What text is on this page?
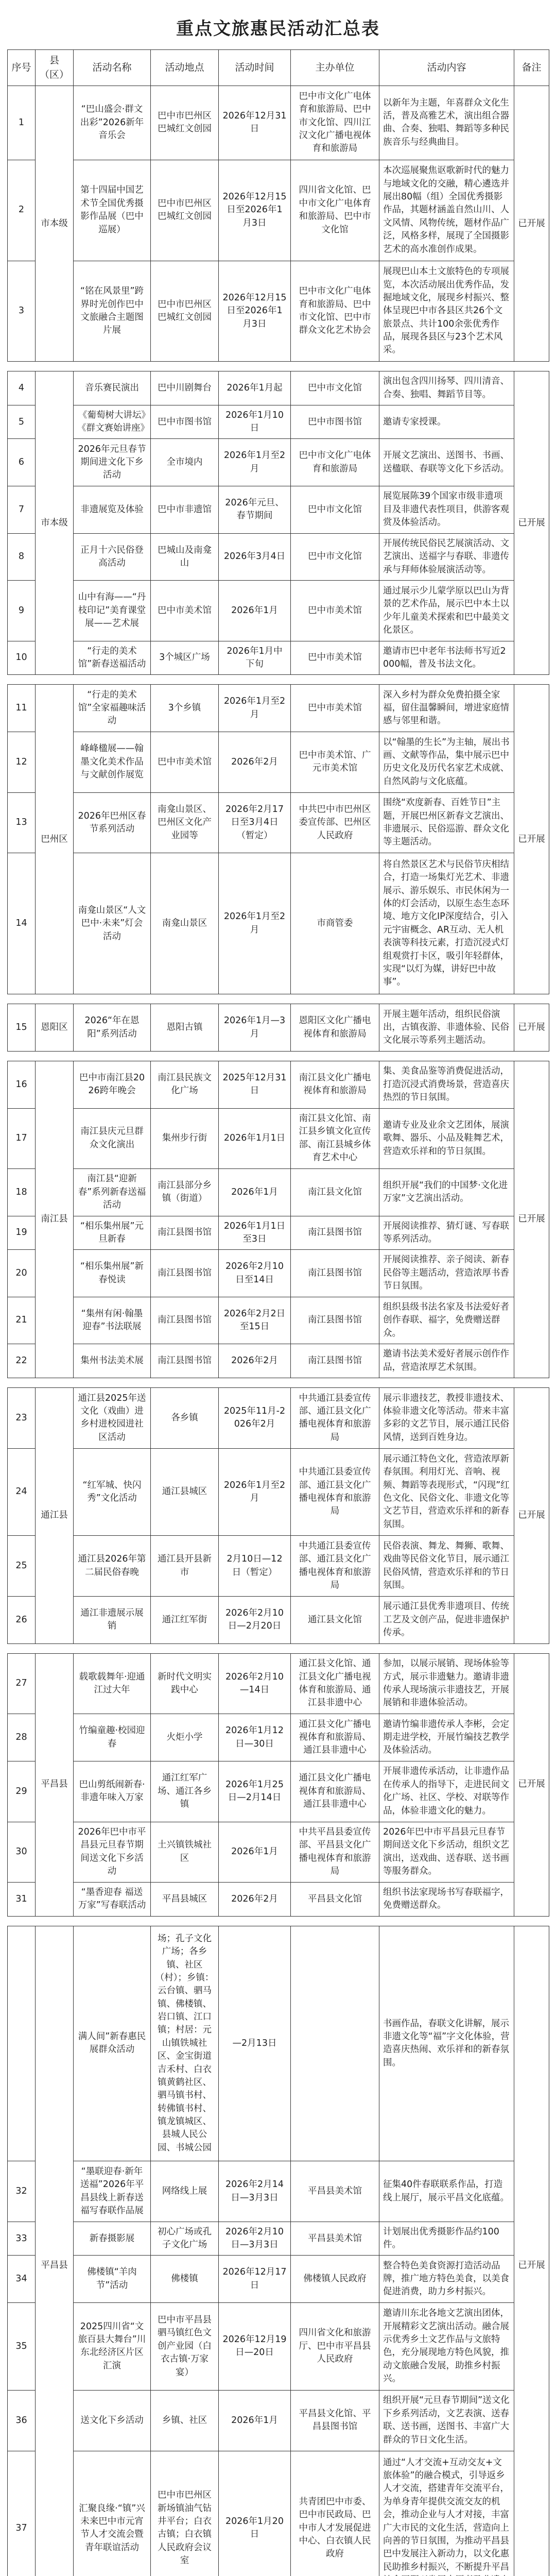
重点文旅惠民活动汇总表
序号	县（区）	活动名称	活动地点	活动时间	主办单位	活动内容	备注
1	市本级	“巴山盛会·群文出彩”2026新年音乐会	巴中市巴州区巴城红文创园	2026年12月31日	巴中市文化广电体育和旅游局、巴中市文化馆、四川江汉文化广播电视体育和旅游局	以新年为主题，年喜群众文化生活，普及高雅艺术，演出组合器曲、合奏、独唱、舞蹈等多种民族音乐与经典曲目。	已开展
2		第十四届中国艺术节全国优秀摄影作品展（巴中巡展）	巴中市巴州区巴城红文创园	2026年12月15日至2026年1月3日	四川省文化馆、巴中市文化广电体育和旅游局、巴中市文化馆	本次巡展聚焦讴歌新时代的魅力与地域文化的交融，精心遴选并展出80幅（组）全国优秀摄影作品，其题材涵盖自然山川、人文风情、风物传统，题材作品广泛，风格多样，展现了全国摄影艺术的高水准创作成果。	
3		“铭在风景里”跨界时光创作巴中文旅融合主题图片展	巴中市巴州区巴城红文创园	2026年12月15日至2026年1月3日	巴中市文化广电体育和旅游局、巴中市文化馆、巴中市群众文化艺术协会	展现巴山本土文旅特色的专项展览，本次活动展出优秀作品，发掘地域文化，展现乡村振兴、整体呈现巴中市各县区共26个文旅景点、共计100余张优秀作品，展现各县区与23个艺术风采。	

4	市本级	音乐赛民演出	巴中川剧舞台	2026年1月起	巴中市文化馆	演出包含四川扬琴、四川清音、合奏、独唱、舞蹈节目等。	已开展
5		《葡萄树大讲坛》《群文赛始讲座》	巴中市图书馆	2026年1月10日	巴中市图书馆	邀请专家授课。	
6		2026年元旦春节期间进文化下乡活动	全市境内	2026年1月至2月	巴中市文化广电体育和旅游局	开展文艺演出、送图书、书画、送楹联、春联等文化下乡活动。	
7		非遗展览及体验	巴中市非遗馆	2026年元旦、春节期间	巴中市文化馆	展览展陈39个国家市级非遗项目及非遗代表性项目，供游客观赏及体验活动。	
8		正月十六民俗登高活动	巴城山及南龛山	2026年3月4日	巴中市文化馆	开展传统民俗民艺展演活动、文艺演出、送福字与春联、非遗传承与拜师体验展演活动等。	
9		山中有海——“丹枝印记”美育课堂展——艺术展	巴中市美术馆	2026年1月	巴中市美术馆	通过展示少儿蒙学原以巴山为背景的艺术作品，展示巴中本土以少年儿童美术探索和巴中最美文化景区。	
10		“行走的美术馆”新春送福活动	3个城区广场	2026年1月中下旬	巴中市美术馆	邀请市巴中老年书法师书写近2000幅，普及书法文化。	

11	巴州区	“行走的美术馆”全家福趣味活动	3个乡镇	2026年1月至2月	巴中市美术馆	深入乡村为群众免费拍摄全家福，留住温馨瞬间，增进家庭情感与邻里和谐。	已开展
12		峰峰楹展——翰墨文化美术作品与文献创作展览	巴中市美术馆	2026年2月	巴中市美术馆、广元市美术馆	以“翰墨的生长”为主轴，展出书画、文献等作品，集中展示巴中历史文化及历代名家艺术成就、自然风韵与文化底蕴。	
13		2026年巴州区春节系列活动	南龛山景区、巴州区文化产业园等	2026年2月17日至3月4日（暂定）	中共巴中市巴州区委宣传部、巴州区人民政府	围绕“欢度新春、百姓节日”主题，开展巴州区新春文艺演出、非遗展示、民俗巡游、群众文化等主题活动。	
14		南龛山景区“人文巴中·未来”灯会活动	南龛山景区	2026年1月至2月	市商管委	将自然景区艺术与民俗节庆相结合，打造一场集灯光艺术、非遗展示、游乐娱乐、市民休闲为一体的灯会活动，以原生态生态环境、地方文化IP深度结合，引入元宇宙概念、AR互动、无人机表演等科技元素，打造沉浸式灯组观赏打卡区，吸引年轻群体，实现“以灯为媒，讲好巴中故事”。	

15	恩阳区	2026“年在恩阳”系列活动	恩阳古镇	2026年1月—3月	恩阳区文化广播电视体育和旅游局	开展主题年活动，组织民俗演出，古镇夜游、非遗体验、民俗文化展示等系列主题活动。	已开展

16	南江县	巴中市南江县2026跨年晚会	南江县民族文化广场	2025年12月31日	南江县文化广播电视体育和旅游局	集、美食品鉴等消费促进活动，打造沉浸式消费场景，营造喜庆热烈的节日氛围。	已开展
17		南江县庆元旦群众文化演出	集州步行街	2026年1月1日	南江县文化馆、南江县乡镇文化宣传部、南江县城乡体育艺术中心	邀请专业及业余文艺团体，展演歌舞、器乐、小品及鞋舞艺术，营造欢乐祥和的节日氛围。	
18		南江县“迎新春”系列新春送福活动	南江县部分乡镇（街道）	2026年1月	南江县文化馆	组织开展“我们的中国梦·文化进万家”文艺演出活动。	
19		“相乐集州展”元旦新春	南江县图书馆	2026年1月1日至3日	南江县图书馆	开展阅读推荐、猜灯谜、写春联等系列活动。	
20		“相乐集州展”新春悦读	南江县图书馆	2026年2月10日至14日	南江县图书馆	开展阅读推荐、亲子阅读、新春民俗等主题活动，营造浓厚书香节日氛围。	
21		“集州有闲·翰墨迎春”书法联展	南江县图书馆	2026年2月2日至15日	南江县图书馆	组织县级书法名家及书法爱好者创作春联、福字，免费赠送群众。	
22		集州书法美术展	南江县图书馆	2026年2月	南江县图书馆	邀请书法美术爱好者展示创作作品，营造浓厚艺术氛围。	

23	通江县	通江县2025年送文化（戏曲）进乡村进校园进社区活动	各乡镇	2025年11月-2026年2月	中共通江县委宣传部、通江县文化广播电视体育和旅游局	展示非遗技艺，教授非遗技术、体验非遗文化等活动。带来丰富多彩的文艺节目，展示通江民俗风情，送到百姓身边。	已开展
24		“红军城、快闪秀”文化活动	通江县城区	2026年1月至2月	中共通江县委宣传部、通江县文化广播电视体育和旅游局	展示通江特色文化，营造浓厚新春氛围。利用灯光、音响、视频、舞蹈等表现形式，“闪现”红色文化、民俗文化、非遗文化等文艺节目，营造欢乐祥和的新春氛围。	
25		通江县2026年第二届民俗春晚	通江县开县新市	2月10日—12日（暂定）	中共通江县委宣传部、通江县文化广播电视体育和旅游局	民俗表演、舞龙、舞狮、歌舞、戏曲等民俗文化节目，展示通江民俗风情，营造欢乐祥和的节日氛围。	
26		通江非遗展示展销	通江红军街	2026年2月10日—2月20日	通江县文化馆	展示通江县优秀非遗项目、传统工艺及文创产品，促进非遗保护传承。	

27	平昌县	载歌载舞年·迎通江过大年	新时代文明实践中心	2026年2月10—14日	通江县文化馆、通江县文化广播电视体育和旅游局、通江县非遗中心	参加，以展示展销、现场体验等方式，展示非遗魅力。邀请非遗传承人现场演示非遗技艺，开展展销和非遗体验活动。	已开展
28		竹编童趣·校园迎春	火炬小学	2026年1月12日—30日	通江县文化广播电视体育和旅游局、通江县非遗中心	邀请竹编非遗传承人李彬，会定期走进学校，开展竹编技艺教学及体验活动。	
29		巴山剪纸闹新春·非遗年味入万家	通江红军广场、通江各乡镇	2026年1月25日—2月14日	通江县文化广播电视体育和旅游局、通江县非遗中心	开展非遗传承活动，让非遗作品在传承人的指导下，走进民间文化广场、社区、学校、对联等作品，体验非遗文化的魅力。	
30		2026年巴中市平昌县元旦春节期间送文化下乡活动	土兴镇铁城社区	2026年1月	中共平昌县委宣传部、平昌县文化广播电视体育和旅游局	2026年巴中市平昌县元旦春节期间送文化下乡活动，组织文艺演出，送戏曲、送春联、送书画等服务群众。	
31		“墨香迎春 福送万家”写春联活动	平昌县城区	2026年2月	平昌县文化馆	组织书法家现场书写春联福字，免费赠送群众。	

	平昌县	满人间”新春惠民展群众活动	场；孔子文化广场；各乡镇、社区（村）；乡镇：云台镇、驷马镇、佛楼镇、岩口镇、江口镇；村居：元山镇铁城社区、金宝街道吉禾村、白衣镇黄鹤社区、驷马镇书村、转佛镇书村、镇龙镇城区、县城人民公园、书城公园	—2月13日		书画作品，春联文化讲解，展示非遗文化等“福”字文化体验，营造喜庆热闹、欢乐祥和的新春氛围。	已开展
32		“墨联迎春·新年送福”2026年平昌县线上新春送福写春联作品展	网络线上展	2026年2月14日—3月3日	平昌县美术馆	征集40件春联联系作品，打造线上展厅，展示平昌文化底蕴。	
33		新春摄影展	初心广场或孔子文化广场	2026年2月10日—3月3日	平昌县美术馆	计划展出优秀摄影作品约100件。	
34		佛楼镇“羊肉节”活动	佛楼镇	2026年12月17日	佛楼镇人民政府	整合特色美食资源打造活动品牌，推广地方特色美食，以美食促进消费，助力乡村振兴。	
35		2025四川省“文旅百县大舞台”川东北经济区片区汇演	巴中市平昌县驷马镇红色文创产业园（白衣古镇·万家宴）	2026年12月19日—20日	四川省文化和旅游厅、巴中市平昌县人民政府	邀请川东北各地文艺演出团体，开展精彩文艺演出活动。融合展示优秀乡土文艺作品与文旅特色，充分展现地方特色风貌，推动文旅融合发展，助推乡村振兴。	
36		送文化下乡活动	乡镇、社区	2026年1月	平昌县文化馆、平昌县图书馆	组织开展“元旦春节期间”送文化下乡系列活动，文艺表演、送春联、送书画，送图书、丰富广大群众的节日文化生活。	
37		汇聚良缘·“镇”兴未来巴中市元宵节人才交流会暨青年联谊活动	巴中市巴州区新场镇油气钻井平台；白衣古镇；白衣镇人民政府会议室	2026年1月20日	共青团巴中市委、巴中市民政局、巴中市人才发展促进中心、白衣镇人民政府	通过“人才交流+互动交友+文旅体验”的融合模式，引导返乡人才交流，搭建青年交流平台，为单身青年提供交流交友的机会，推动企业与人才对接，丰富广大市民的文化生活，营造向上向善的节日氛围，为推动平昌县巴中发展注入新动力，以文化惠民助推乡村振兴，不断提升平昌	
